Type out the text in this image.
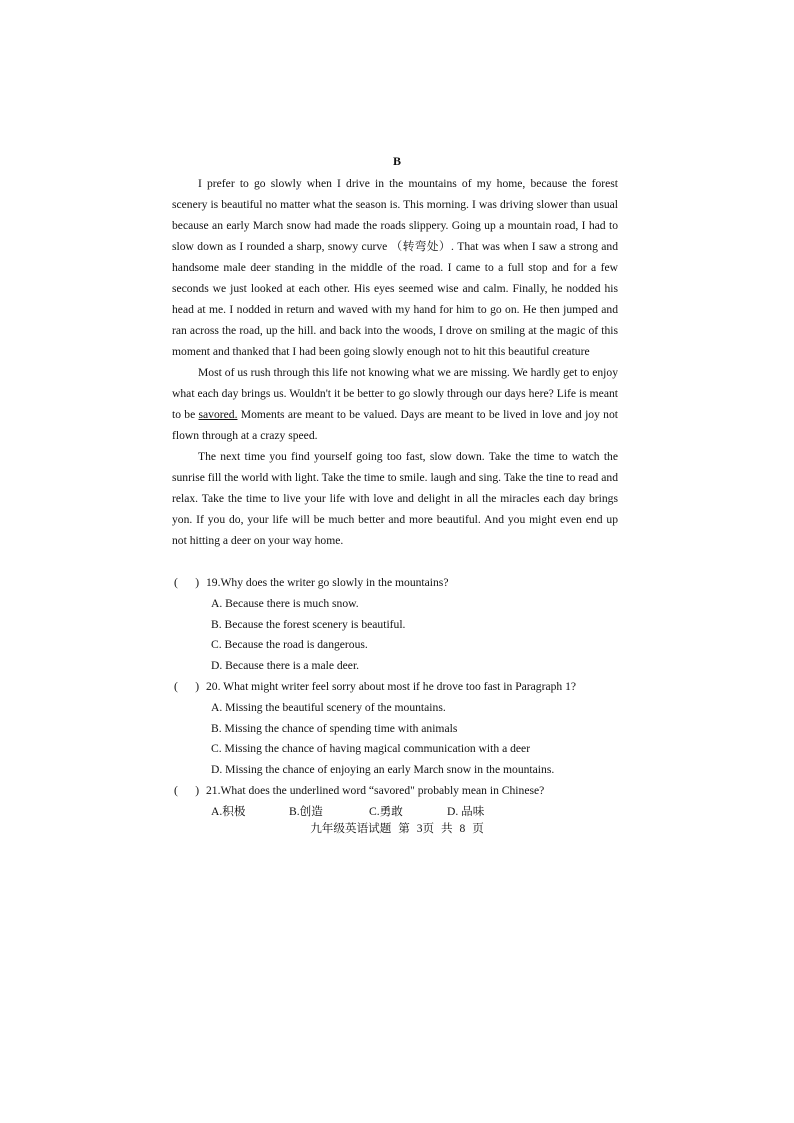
B

I prefer to go slowly when I drive in the mountains of my home, because the forest scenery is beautiful no matter what the season is. This morning. I was driving slower than usual because an early March snow had made the roads slippery. Going up a mountain road, I had to slow down as I rounded a sharp, snowy curve （转弯处）. That was when I saw a strong and handsome male deer standing in the middle of the road. I came to a full stop and for a few seconds we just looked at each other. His eyes seemed wise and calm. Finally, he nodded his head at me. I nodded in return and waved with my hand for him to go on. He then jumped and ran across the road, up the hill. and back into the woods, I drove on smiling at the magic of this moment and thanked that I had been going slowly enough not to hit this beautiful creature

Most of us rush through this life not knowing what we are missing. We hardly get to enjoy what each day brings us. Wouldn't it be better to go slowly through our days here? Life is meant to be savored. Moments are meant to be valued. Days are meant to be lived in love and joy not flown through at a crazy speed.

The next time you find yourself going too fast, slow down. Take the time to watch the sunrise fill the world with light. Take the time to smile. laugh and sing. Take the tine to read and relax. Take the time to live your life with love and delight in all the miracles each day brings yon. If you do, your life will be much better and more beautiful. And you might even end up not hitting a deer on your way home.

(      ) 19.Why does the writer go slowly in the mountains?
A. Because there is much snow.
B. Because the forest scenery is beautiful.
C. Because the road is dangerous.
D. Because there is a male deer.
(      ) 20. What might writer feel sorry about most if he drove too fast in Paragraph 1?
A. Missing the beautiful scenery of the mountains.
B. Missing the chance of spending time with animals
C. Missing the chance of having magical communication with a deer
D. Missing the chance of enjoying an early March snow in the mountains.
(      ) 21.What does the underlined word “savored" probably mean in Chinese?
A.积极	B.创造	C.勇敢	D. 品味
九年级英语试题 第 3页 共 8 页
